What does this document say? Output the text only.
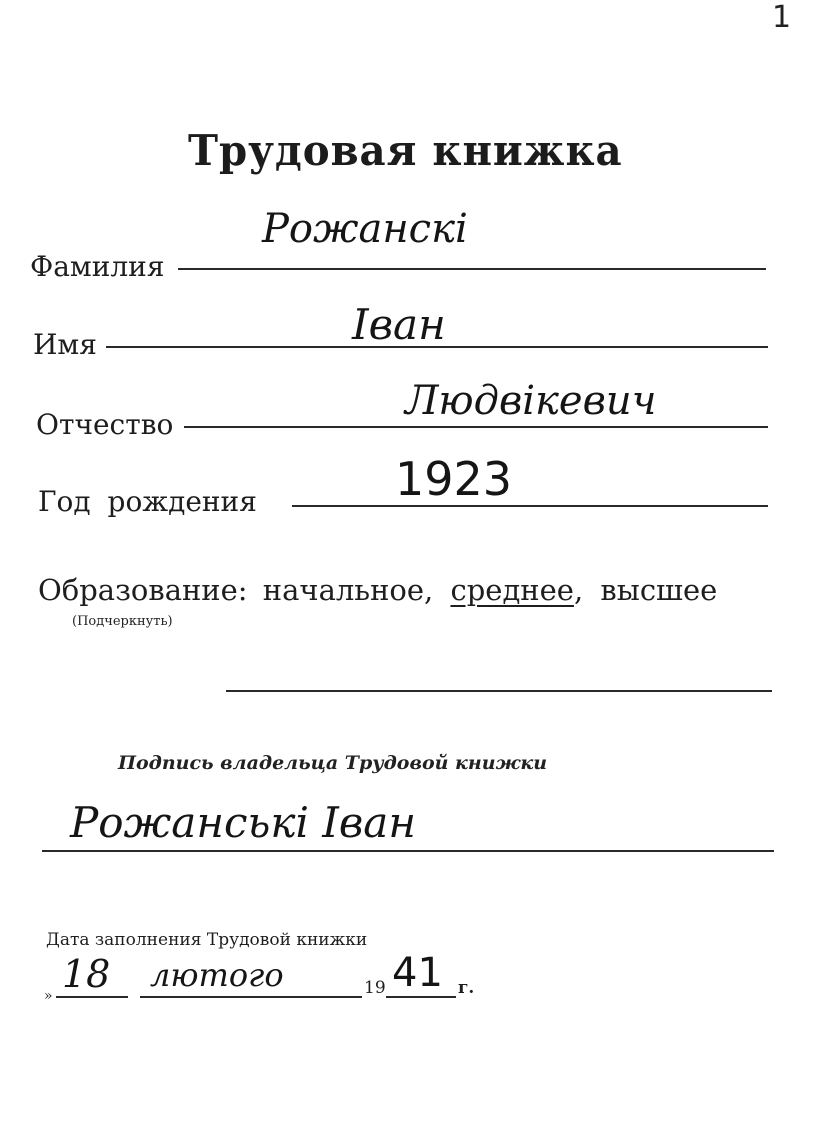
1
Трудовая книжка
Фамилия
Рожанскі
Имя	Іван
Отчество
Людвікевич
Год рождения	1923
Образование: начальное, среднее, высшее
(Подчеркнуть)
Подпись владельца Трудовой книжки
Рожанські Іван
Дата заполнения Трудовой книжки
» 18 лютого	19 41 г.
